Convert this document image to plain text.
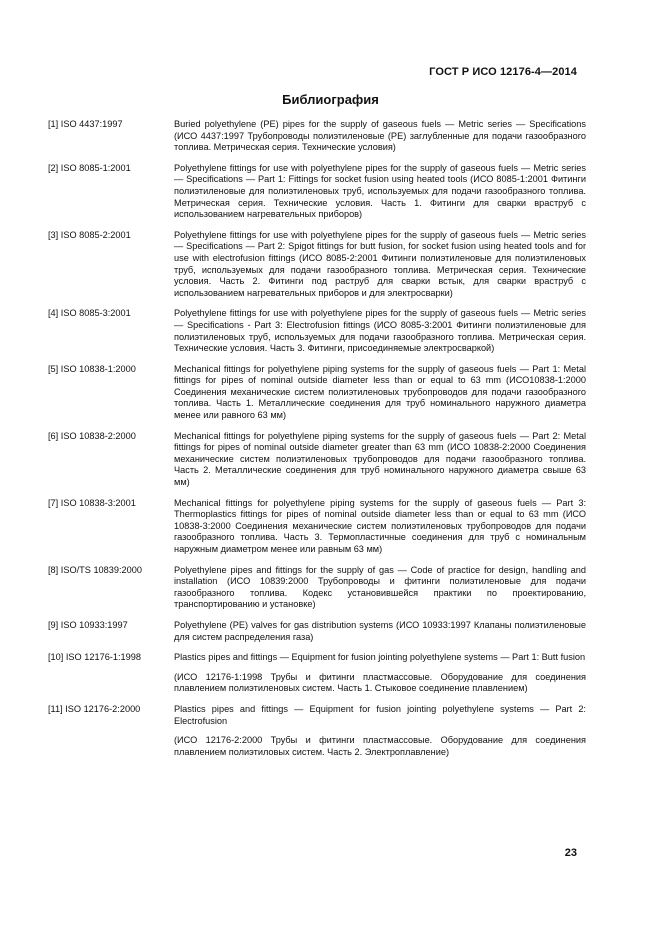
ГОСТ Р ИСО 12176-4—2014
Библиография
[1] ISO 4437:1997	Buried polyethylene (PE) pipes for the supply of gaseous fuels — Metric series — Specifications (ИСО 4437:1997 Трубопроводы полиэтиленовые (PE) заглубленные для подачи газообразного топлива. Метрическая серия. Технические условия)

[2] ISO 8085-1:2001	Polyethylene fittings for use with polyethylene pipes for the supply of gaseous fuels — Metric series — Specifications — Part 1: Fittings for socket fusion using heated tools (ИСО 8085-1:2001 Фитинги полиэтиленовые для полиэтиленовых труб, используемых для подачи газообразного топлива. Метрическая серия. Технические условия. Часть 1. Фитинги для сварки враструб с использованием нагревательных приборов)

[3] ISO 8085-2:2001	Polyethylene fittings for use with polyethylene pipes for the supply of gaseous fuels — Metric series — Specifications — Part 2: Spigot fittings for butt fusion, for socket fusion using heated tools and for use with electrofusion fittings (ИСО 8085-2:2001 Фитинги полиэтиленовые для полиэтиленовых труб, используемых для подачи газообразного топлива. Метрическая серия. Технические условия. Часть 2. Фитинги под раструб для сварки встык, для сварки враструб с использованием нагревательных приборов и для электросварки)

[4] ISO 8085-3:2001	Polyethylene fittings for use with polyethylene pipes for the supply of gaseous fuels — Metric series — Specifications - Part 3: Electrofusion fittings (ИСО 8085-3:2001 Фитинги полиэтиленовые для полиэтиленовых труб, используемых для подачи газообразного топлива. Метрическая серия. Технические условия. Часть 3. Фитинги, присоединяемые электросваркой)

[5] ISO 10838-1:2000	Mechanical fittings for polyethylene piping systems for the supply of gaseous fuels — Part 1: Metal fittings for pipes of nominal outside diameter less than or equal to 63 mm (ИСО10838-1:2000 Соединения механические систем полиэтиленовых трубопроводов для подачи газообразного топлива. Часть 1. Металлические соединения для труб номинального наружного диаметра менее или равного 63 мм)

[6] ISO 10838-2:2000	Mechanical fittings for polyethylene piping systems for the supply of gaseous fuels — Part 2: Metal fittings for pipes of nominal outside diameter greater than 63 mm (ИСО 10838-2:2000 Соединения механические систем полиэтиленовых трубопроводов для подачи газообразного топлива. Часть 2. Металлические соединения для труб номинального наружного диаметра свыше 63 мм)

[7] ISO 10838-3:2001	Mechanical fittings for polyethylene piping systems for the supply of gaseous fuels — Part 3: Thermoplastics fittings for pipes of nominal outside diameter less than or equal to 63 mm (ИСО 10838-3:2000 Соединения механические систем полиэтиленовых трубопроводов для подачи газообразного топлива. Часть 3. Термопластичные соединения для труб с номинальным наружным диаметром менее или равным 63 мм)

[8] ISO/TS 10839:2000	Polyethylene pipes and fittings for the supply of gas — Code of practice for design, handling and installation (ИСО 10839:2000 Трубопроводы и фитинги полиэтиленовые для подачи газообразного топлива. Кодекс установившейся практики по проектированию, транспортированию и установке)

[9] ISO 10933:1997	Polyethylene (PE) valves for gas distribution systems (ИСО 10933:1997 Клапаны полиэтиленовые для систем распределения газа)

[10] ISO 12176-1:1998	Plastics pipes and fittings — Equipment for fusion jointing polyethylene systems — Part 1: Butt fusion

(ИСО 12176-1:1998 Трубы и фитинги пластмассовые. Оборудование для соединения плавлением полиэтиленовых систем. Часть 1. Стыковое соединение плавлением)

[11] ISO 12176-2:2000	Plastics pipes and fittings — Equipment for fusion jointing polyethylene systems — Part 2: Electrofusion

(ИСО 12176-2:2000 Трубы и фитинги пластмассовые. Оборудование для соединения плавлением полиэтиловых систем. Часть 2. Электроплавление)

23
